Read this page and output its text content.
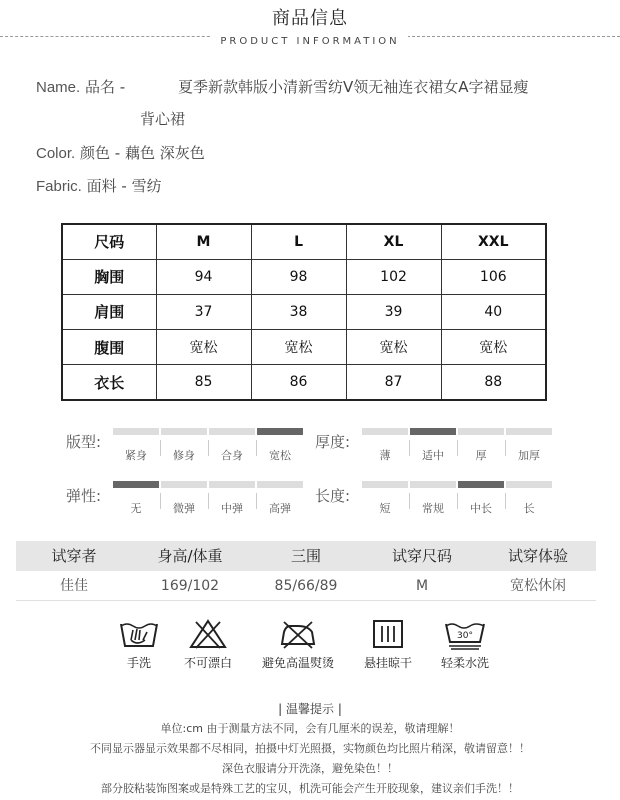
商品信息
PRODUCT INFORMATION
Name. 品名 -	夏季新款韩版小清新雪纺V领无袖连衣裙女A字裙显瘦
背心裙
Color. 颜色 - 藕色 深灰色
Fabric. 面料 - 雪纺
尺码	M	L	XL	XXL
胸围	94	98	102	106
肩围	37	38	39	40
腹围	宽松	宽松	宽松	宽松
衣长	85	86	87	88
版型:	厚度:
弹性:	长度:
紧身	修身	合身	宽松	薄	适中	厚	加厚
无	微弹	中弹	高弹	短	常规	中长	长
试穿者	身高/体重	三围	试穿尺码	试穿体验
佳佳	169/102	85/66/89	M	宽松休闲
手洗	不可漂白	避免高温熨烫	悬挂晾干
30°
轻柔水洗
| 温馨提示 |
单位:cm 由于测量方法不同，会有几厘米的误差，敬请理解！
不同显示器显示效果都不尽相同，拍摄中灯光照摄，实物颜色均比照片稍深，敬请留意！！
深色衣服请分开洗涤，避免染色！！
部分胶粘装饰图案或是特殊工艺的宝贝，机洗可能会产生开胶现象，建议亲们手洗！！
